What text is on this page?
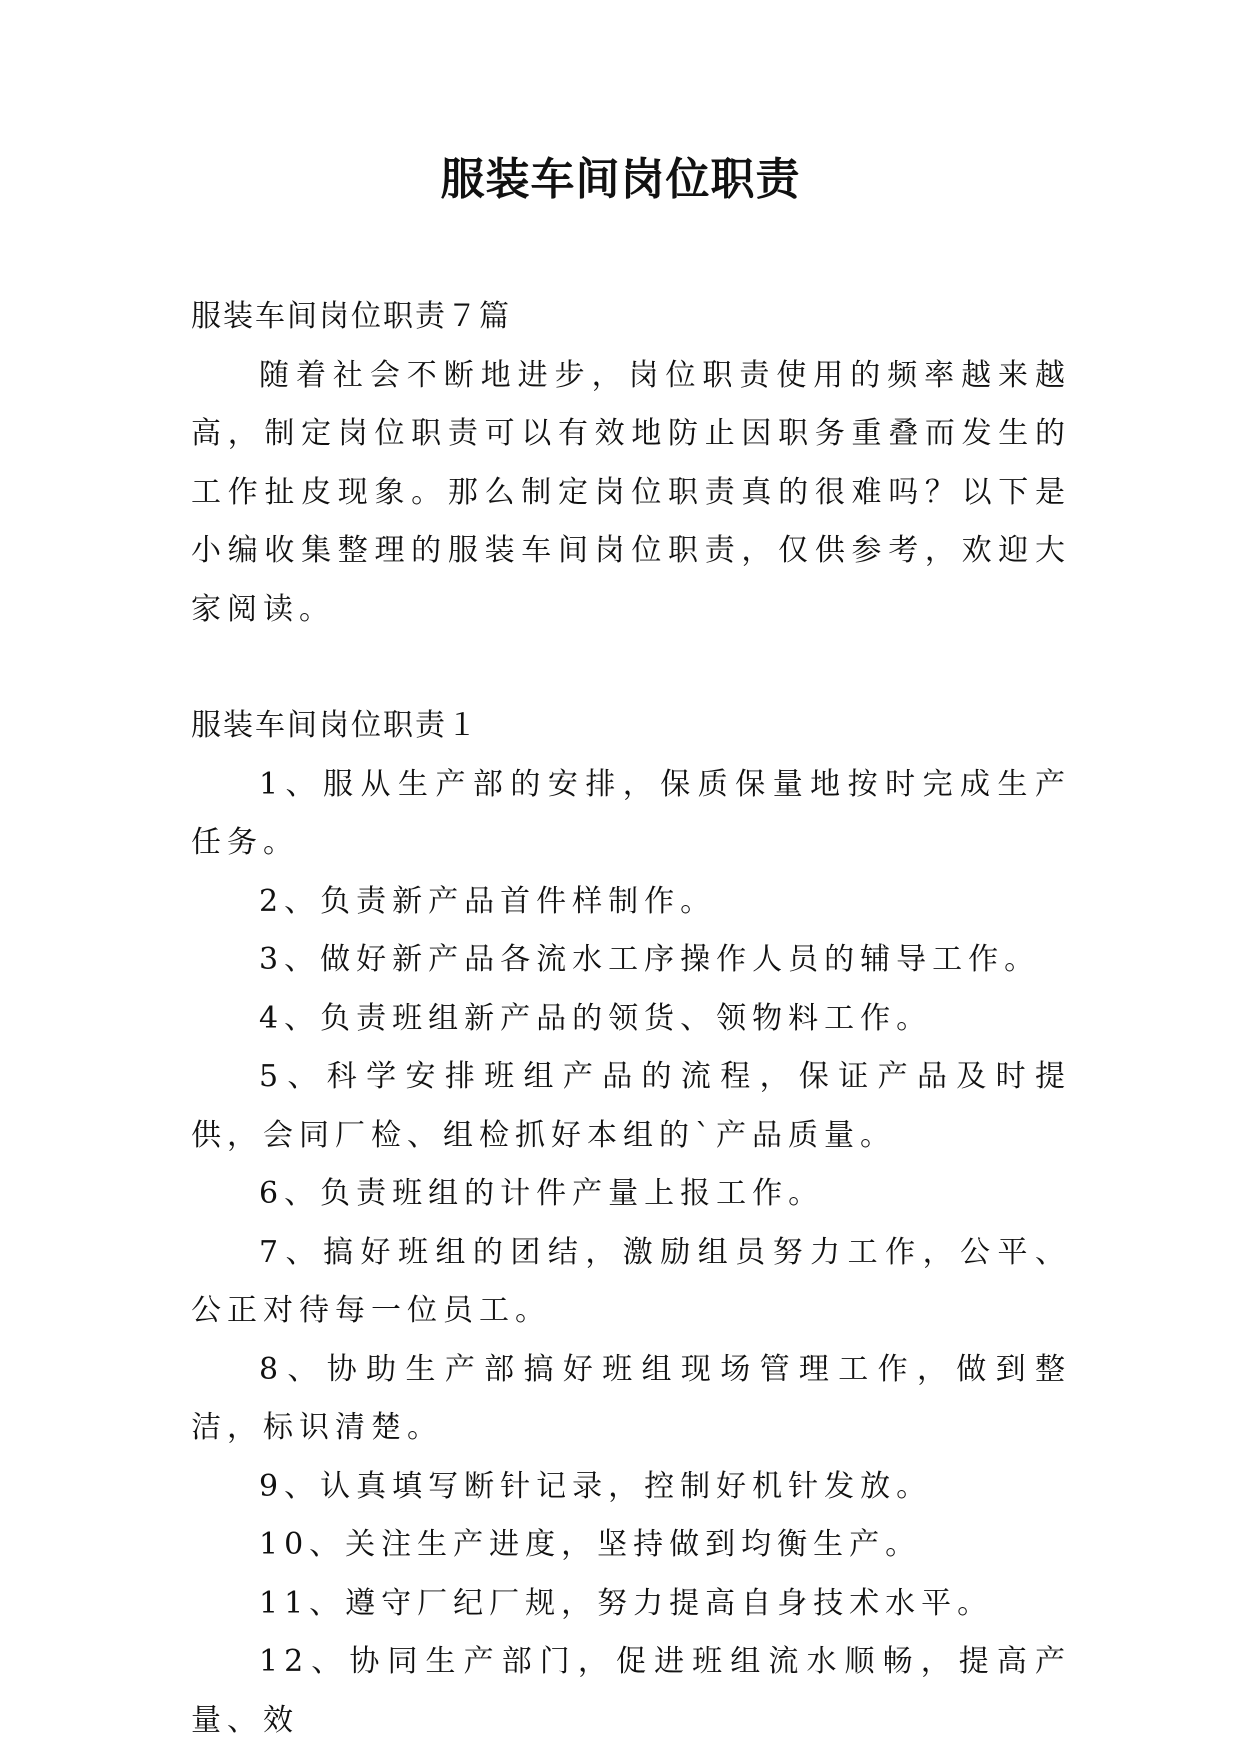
服装车间岗位职责

服装车间岗位职责７篇

随着社会不断地进步，岗位职责使用的频率越来越高，制定岗位职责可以有效地防止因职务重叠而发生的工作扯皮现象。那么制定岗位职责真的很难吗？以下是小编收集整理的服装车间岗位职责，仅供参考，欢迎大家阅读。

服装车间岗位职责１

1、服从生产部的安排，保质保量地按时完成生产任务。

2、负责新产品首件样制作。

3、做好新产品各流水工序操作人员的辅导工作。

4、负责班组新产品的领货、领物料工作。

5、科学安排班组产品的流程，保证产品及时提供，会同厂检、组检抓好本组的`产品质量。

6、负责班组的计件产量上报工作。

7、搞好班组的团结，激励组员努力工作，公平、公正对待每一位员工。

8、协助生产部搞好班组现场管理工作，做到整洁，标识清楚。

9、认真填写断针记录，控制好机针发放。

10、关注生产进度，坚持做到均衡生产。

11、遵守厂纪厂规，努力提高自身技术水平。

12、协同生产部门，促进班组流水顺畅，提高产量、效
